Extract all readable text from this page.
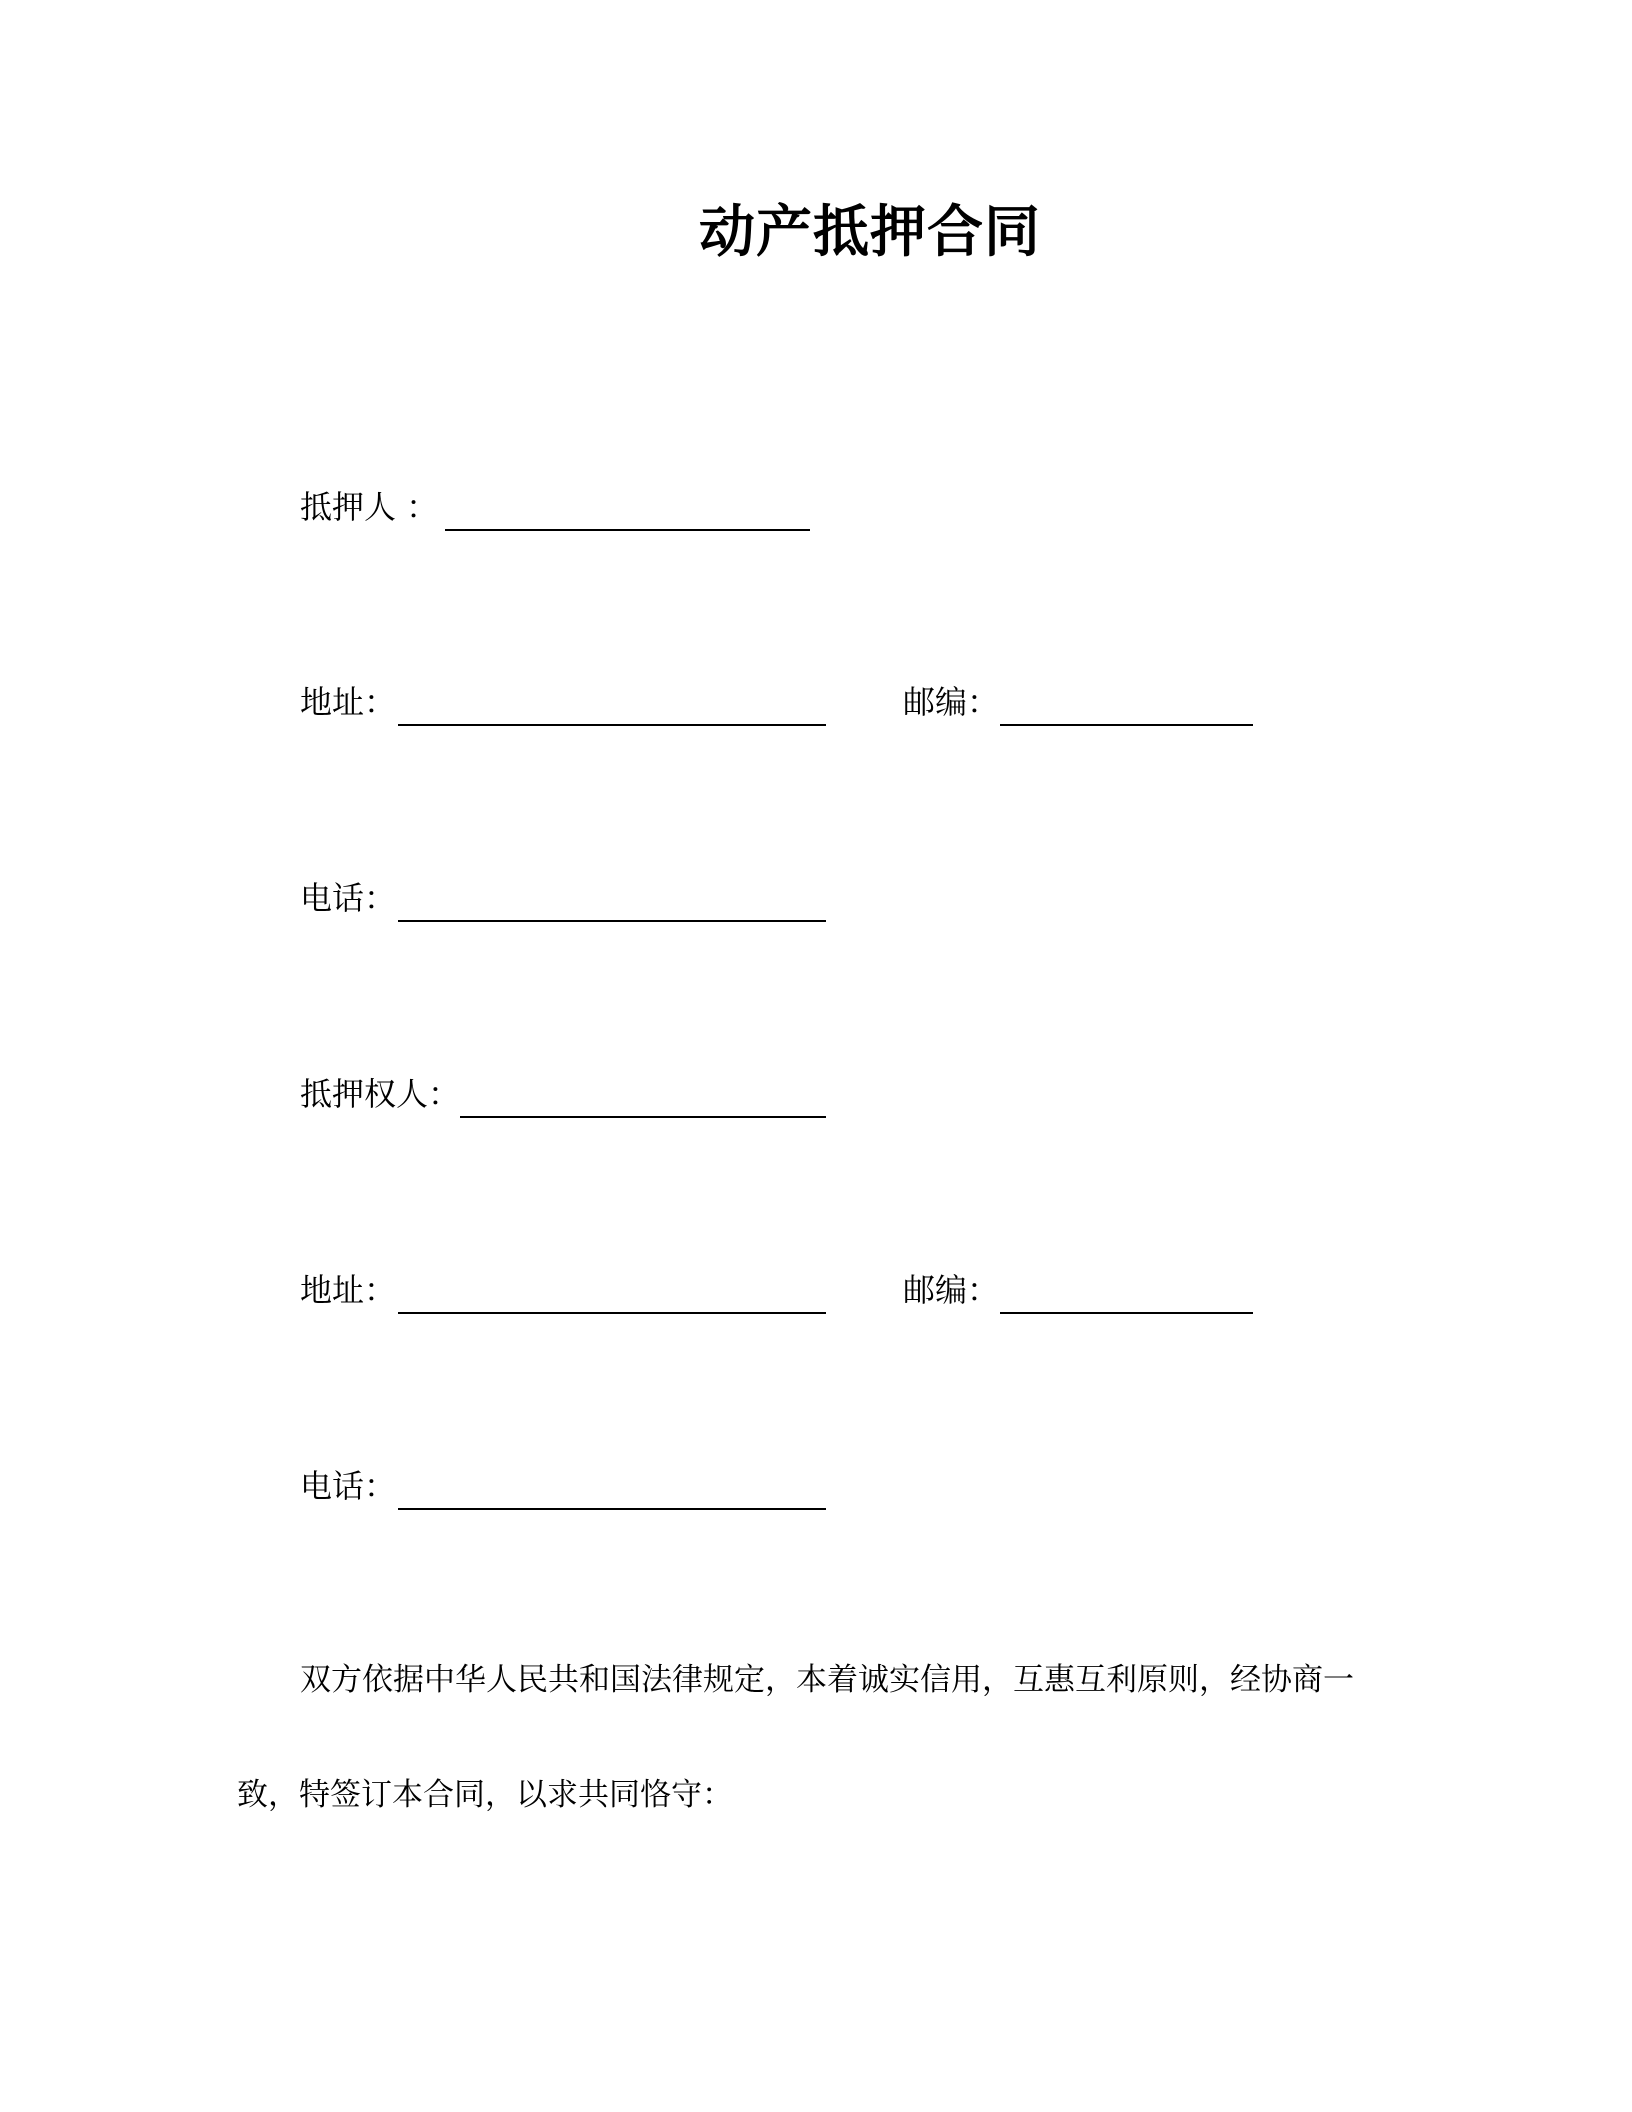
动产抵押合同
抵押人 ：
地址：	邮编：
电话：
抵押权人：
地址：	邮编：
电话：
双方依据中华人民共和国法律规定，本着诚实信用，互惠互利原则，经协商一
致，特签订本合同，以求共同恪守：
